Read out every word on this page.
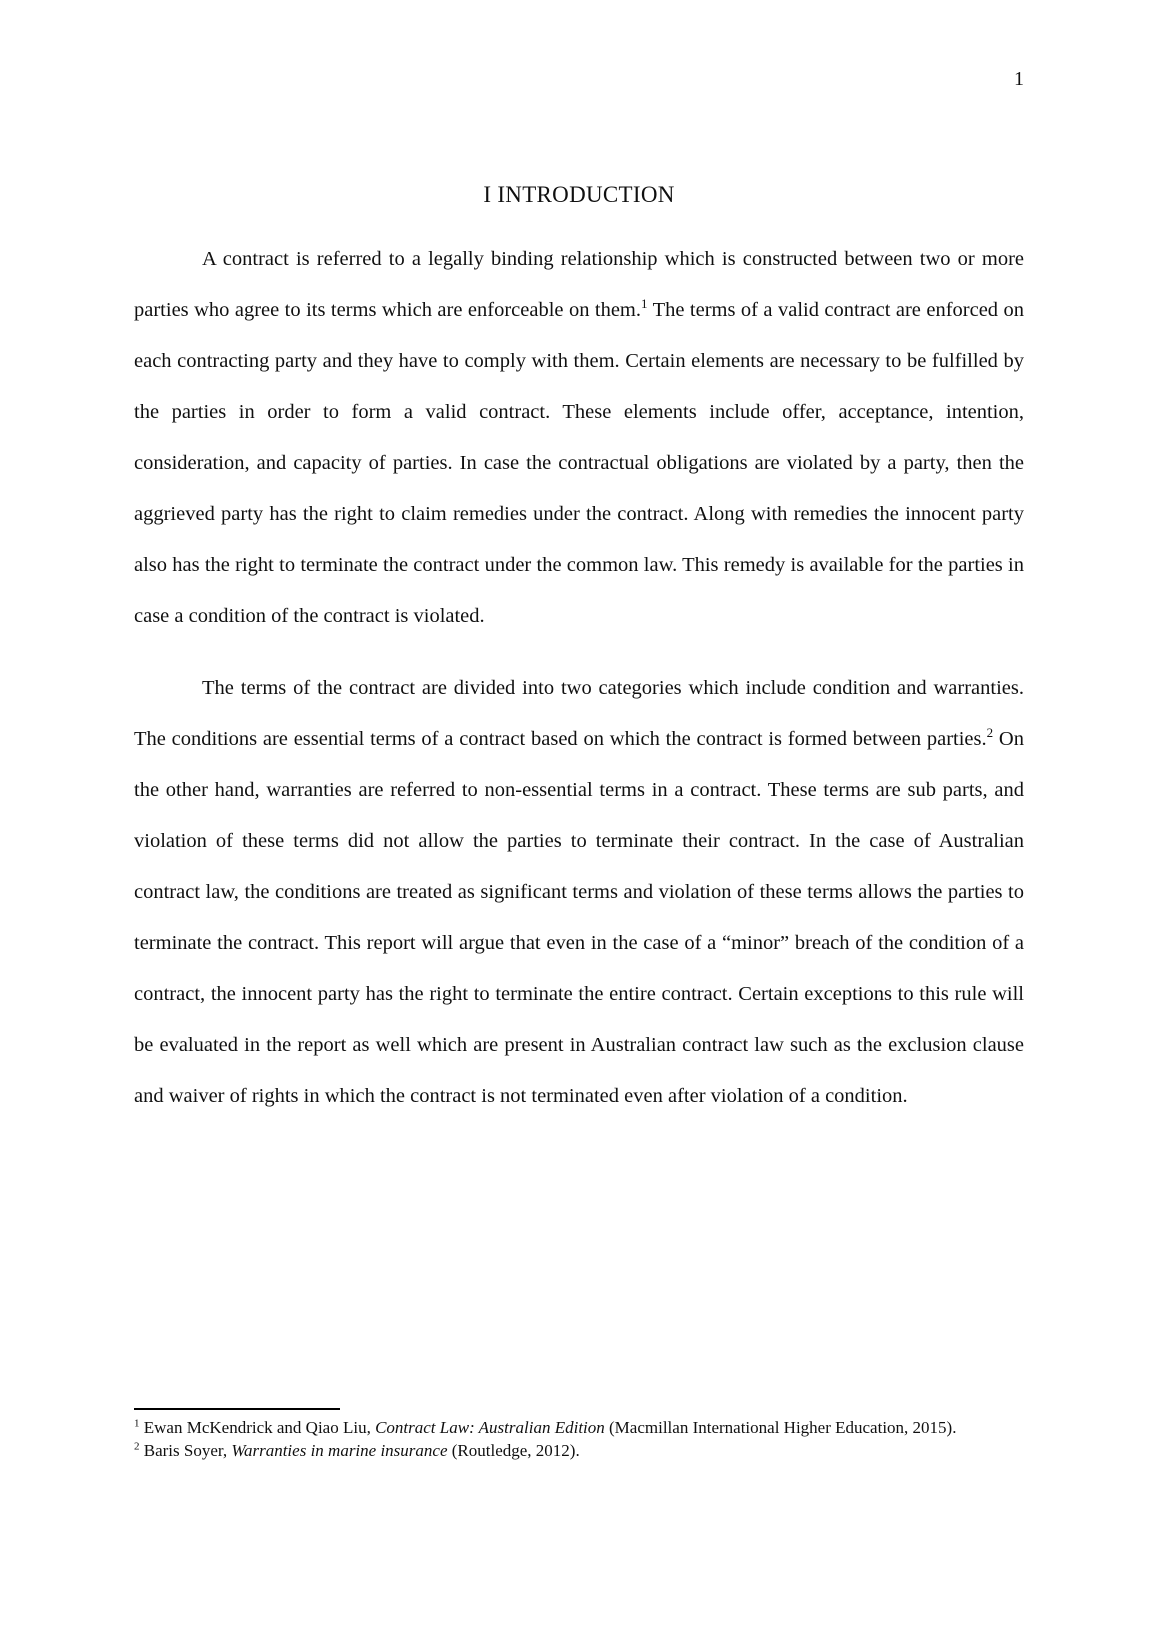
1
I INTRODUCTION

A contract is referred to a legally binding relationship which is constructed between two or more parties who agree to its terms which are enforceable on them.$^1$ The terms of a valid contract are enforced on each contracting party and they have to comply with them. Certain elements are necessary to be fulfilled by the parties in order to form a valid contract. These elements include offer, acceptance, intention, consideration, and capacity of parties. In case the contractual obligations are violated by a party, then the aggrieved party has the right to claim remedies under the contract. Along with remedies the innocent party also has the right to terminate the contract under the common law. This remedy is available for the parties in case a condition of the contract is violated.

The terms of the contract are divided into two categories which include condition and warranties. The conditions are essential terms of a contract based on which the contract is formed between parties.$^2$ On the other hand, warranties are referred to non-essential terms in a contract. These terms are sub parts, and violation of these terms did not allow the parties to terminate their contract. In the case of Australian contract law, the conditions are treated as significant terms and violation of these terms allows the parties to terminate the contract. This report will argue that even in the case of a “minor” breach of the condition of a contract, the innocent party has the right to terminate the entire contract. Certain exceptions to this rule will be evaluated in the report as well which are present in Australian contract law such as the exclusion clause and waiver of rights in which the contract is not terminated even after violation of a condition.

$^1$ Ewan McKendrick and Qiao Liu, Contract Law: Australian Edition (Macmillan International Higher Education, 2015).
$^2$ Baris Soyer, Warranties in marine insurance (Routledge, 2012).
